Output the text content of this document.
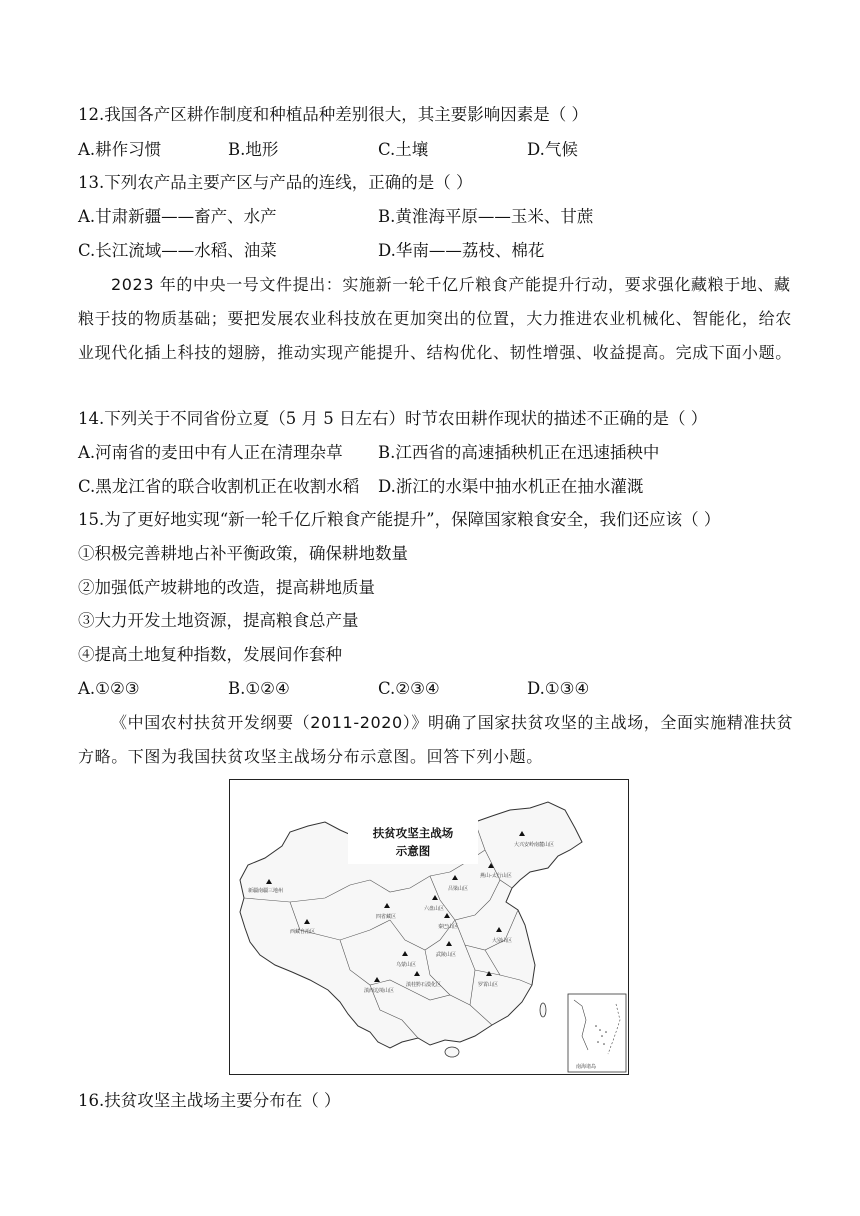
12.我国各产区耕作制度和种植品种差别很大，其主要影响因素是（ ）
A.耕作习惯	B.地形	C.土壤	D.气候
13.下列农产品主要产区与产品的连线，正确的是（ ）
A.甘肃新疆——畜产、水产	B.黄淮海平原——玉米、甘蔗
C.长江流域——水稻、油菜	D.华南——荔枝、棉花
2023 年的中央一号文件提出：实施新一轮千亿斤粮食产能提升行动，要求强化藏粮于地、藏粮于技的物质基础；要把发展农业科技放在更加突出的位置，大力推进农业机械化、智能化，给农业现代化插上科技的翅膀，推动实现产能提升、结构优化、韧性增强、收益提高。完成下面小题。
14.下列关于不同省份立夏（5 月 5 日左右）时节农田耕作现状的描述不正确的是（ ）
A.河南省的麦田中有人正在清理杂草 B.江西省的高速插秧机正在迅速插秧中
C.黑龙江省的联合收割机正在收割水稻 D.浙江的水渠中抽水机正在抽水灌溉
15.为了更好地实现“新一轮千亿斤粮食产能提升”，保障国家粮食安全，我们还应该（ ）
①积极完善耕地占补平衡政策，确保耕地数量
②加强低产坡耕地的改造，提高耕地质量
③大力开发土地资源，提高粮食总产量
④提高土地复种指数，发展间作套种
A.①②③	B.①②④	C.②③④	D.①③④
《中国农村扶贫开发纲要（2011-2020）》明确了国家扶贫攻坚的主战场，全面实施精准扶贫方略。下图为我国扶贫攻坚主战场分布示意图。回答下列小题。
扶贫攻坚主战场
示意图	大兴安岭南麓山区
新疆南疆三地州
燕山-太行山区
吕梁山区
六盘山区
四省藏区
秦巴山区
大别山区
西藏自治区
乌蒙山区
武陵山区
滇西边境山区
滇桂黔石漠化区	罗霄山区
南海诸岛
16.扶贫攻坚主战场主要分布在（ ）
